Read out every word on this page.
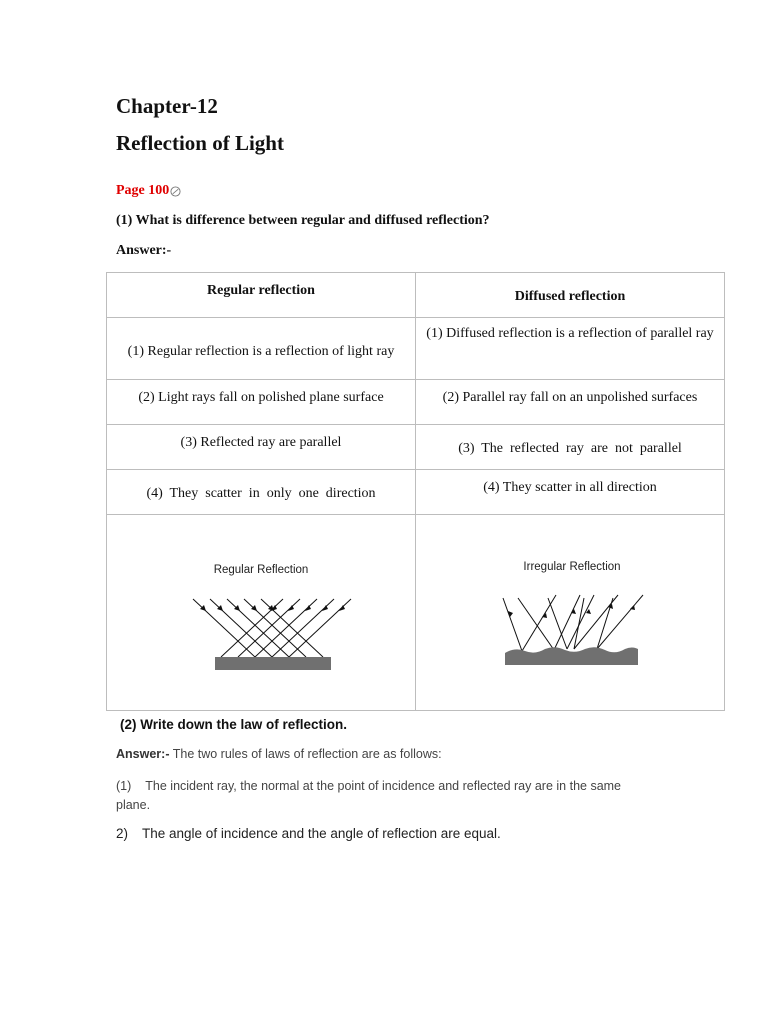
Chapter-12
Reflection of Light
Page 100
(1) What is difference between regular and diffused reflection?
Answer:-
Regular reflection	Diffused reflection
(1) Regular reflection is a reflection of light ray	(1) Diffused reflection is a reflection of parallel ray
(2) Light rays fall on polished plane surface	(2) Parallel ray fall on an unpolished surfaces
(3) Reflected ray are parallel	(3)  The  reflected  ray  are  not  parallel
(4)  They  scatter  in  only  one  direction	(4) They scatter in all direction

Regular Reflection	Irregular Reflection
(2) Write down the law of reflection.
Answer:- The two rules of laws of reflection are as follows:
(1) The incident ray, the normal at the point of incidence and reflected ray are in the same plane.
2) The angle of incidence and the angle of reflection are equal.
